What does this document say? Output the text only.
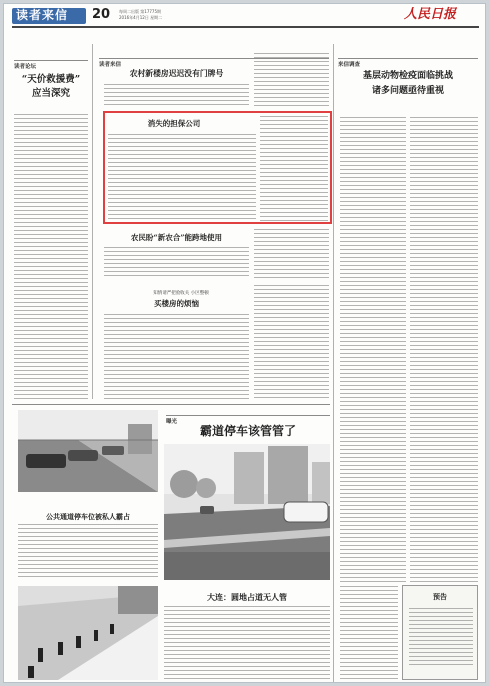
读者来信 20 每周二出版 第17775期
2016年4月12日 星期二	人民日报
读者论坛
“天价救援费”
应当深究
读者来信
农村新楼房迟迟没有门牌号
消失的担保公司
农民盼“新农合”能跨地使用
知情请严把验收关 小区整顿
买楼房的烦恼
来信调查
基层动物检疫面临挑战
诸多问题亟待重视
预告
公共通道停车位被私人霸占
曝光
霸道停车该管管了
大连：圆地占道无人管
